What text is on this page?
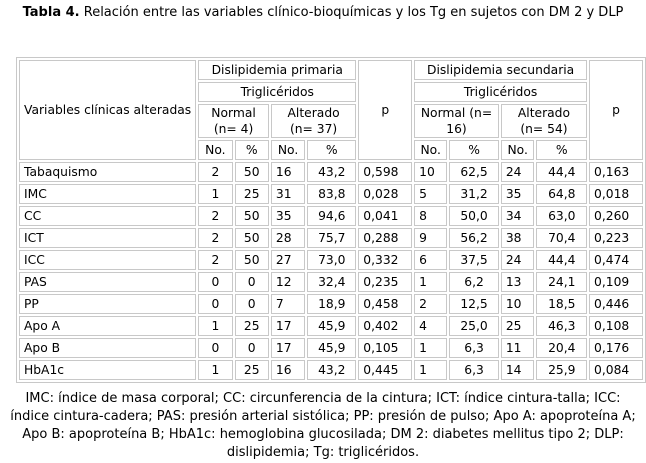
Tabla 4. Relación entre las variables clínico-bioquímicas y los Tg en sujetos con DM 2 y DLP
Variables clínicas alteradas	Dislipidemia primaria				p	Dislipidemia secundaria				p
	Triglicéridos					Triglicéridos				
	Normal (n= 4)		Alterado (n= 37)			Normal (n= 16)		Alterado (n= 54)		
	No.	%	No.	%		No.	%	No.	%	
Tabaquismo	2	50	16	43,2	0,598	10	62,5	24	44,4	0,163
IMC	1	25	31	83,8	0,028	5	31,2	35	64,8	0,018
CC	2	50	35	94,6	0,041	8	50,0	34	63,0	0,260
ICT	2	50	28	75,7	0,288	9	56,2	38	70,4	0,223
ICC	2	50	27	73,0	0,332	6	37,5	24	44,4	0,474
PAS	0	0	12	32,4	0,235	1	6,2	13	24,1	0,109
PP	0	0	7	18,9	0,458	2	12,5	10	18,5	0,446
Apo A	1	25	17	45,9	0,402	4	25,0	25	46,3	0,108
Apo B	0	0	17	45,9	0,105	1	6,3	11	20,4	0,176
HbA1c	1	25	16	43,2	0,445	1	6,3	14	25,9	0,084
IMC: índice de masa corporal; CC: circunferencia de la cintura; ICT: índice cintura-talla; ICC: índice cintura-cadera; PAS: presión arterial sistólica; PP: presión de pulso; Apo A: apoproteína A; Apo B: apoproteína B; HbA1c: hemoglobina glucosilada; DM 2: diabetes mellitus tipo 2; DLP: dislipidemia; Tg: triglicéridos.
